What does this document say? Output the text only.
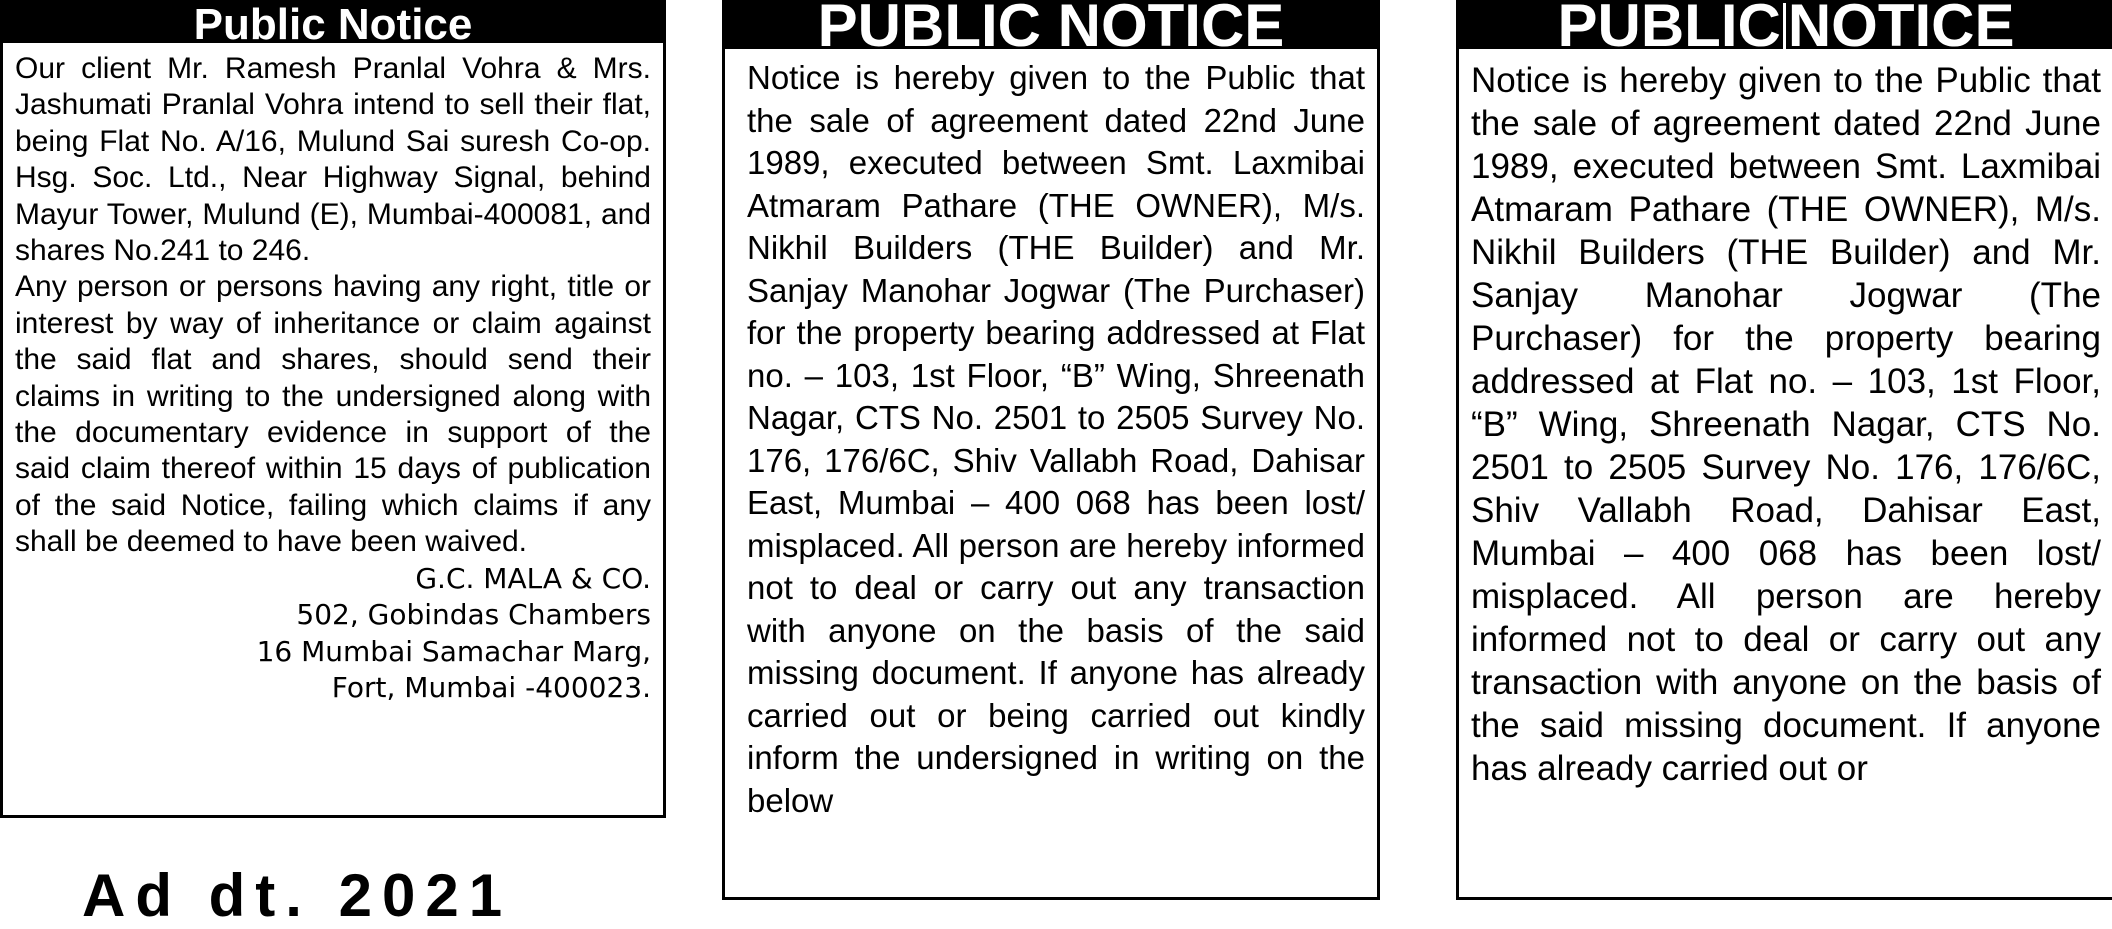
Public Notice

Our client Mr. Ramesh Pranlal Vohra & Mrs. Jashumati Pranlal Vohra intend to sell their flat, being Flat No. A/16, Mulund Sai suresh Co-op. Hsg. Soc. Ltd., Near Highway Signal, behind Mayur Tower, Mulund (E), Mumbai-400081, and shares No.241 to 246.

Any person or persons having any right, title or interest by way of inheritance or claim against the said flat and shares, should send their claims in writing to the undersigned along with the documentary evidence in support of the said claim thereof within 15 days of publication of the said Notice, failing which claims if any shall be deemed to have been waived.

G.C. MALA & CO.
502, Gobindas Chambers
16 Mumbai Samachar Marg,
Fort, Mumbai -400023.
PUBLIC NOTICE

Notice is hereby given to the Public that the sale of agreement dated 22nd June 1989, executed between Smt. Laxmibai Atmaram Pathare (THE OWNER), M/s. Nikhil Builders (THE Builder) and Mr. Sanjay Manohar Jogwar (The Purchaser) for the property bearing addressed at Flat no. – 103, 1st Floor, “B” Wing, Shreenath Nagar, CTS No. 2501 to 2505 Survey No. 176, 176/6C, Shiv Vallabh Road, Dahisar East, Mumbai – 400 068 has been lost/ misplaced. All person are hereby informed not to deal or carry out any transaction with anyone on the basis of the said missing document. If anyone has already carried out or being carried out kindly inform the undersigned in writing on the below

PUBLIC NOTICE

Notice is hereby given to the Public that the sale of agreement dated 22nd June 1989, executed between Smt. Laxmibai Atmaram Pathare (THE OWNER), M/s. Nikhil Builders (THE Builder) and Mr. Sanjay Manohar Jogwar (The Purchaser) for the property bearing addressed at Flat no. – 103, 1st Floor, “B” Wing, Shreenath Nagar, CTS No. 2501 to 2505 Survey No. 176, 176/6C, Shiv Vallabh Road, Dahisar East, Mumbai – 400 068 has been lost/ misplaced. All person are hereby informed not to deal or carry out any transaction with anyone on the basis of the said missing document. If anyone has already carried out or

Ad dt. 2021
